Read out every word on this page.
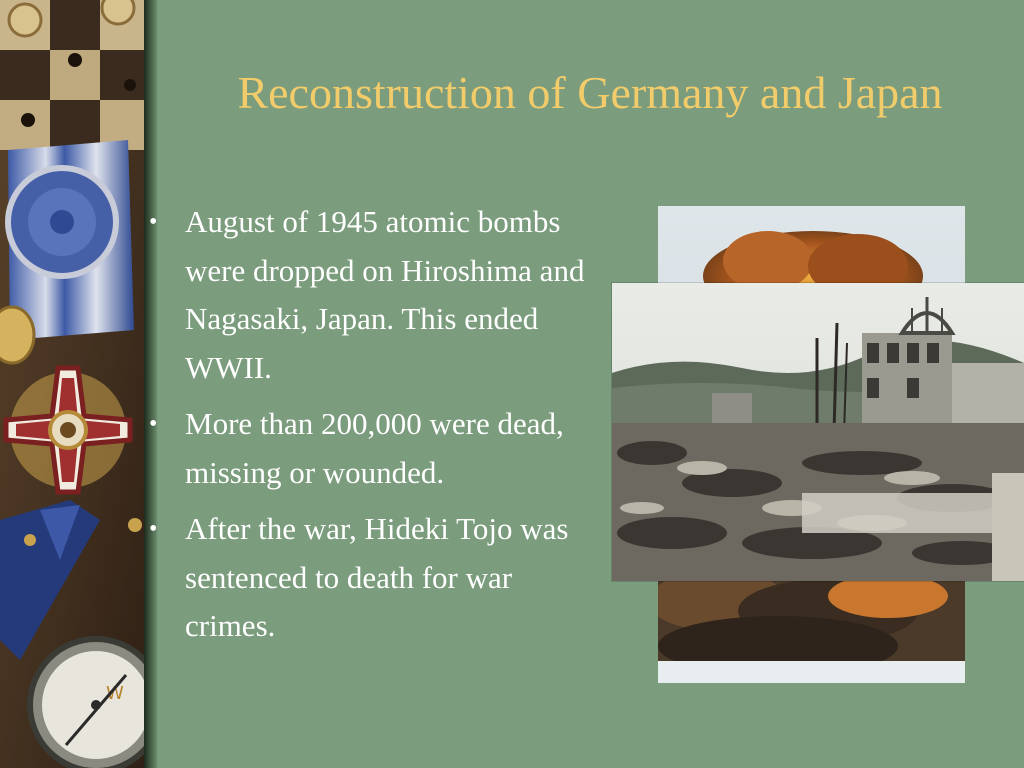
W
Reconstruction of Germany and Japan
• August of 1945 atomic bombs were dropped on Hiroshima and Nagasaki, Japan. This ended WWII.
• More than 200,000 were dead, missing or wounded.
• After the war, Hideki Tojo was sentenced to death for war crimes.
